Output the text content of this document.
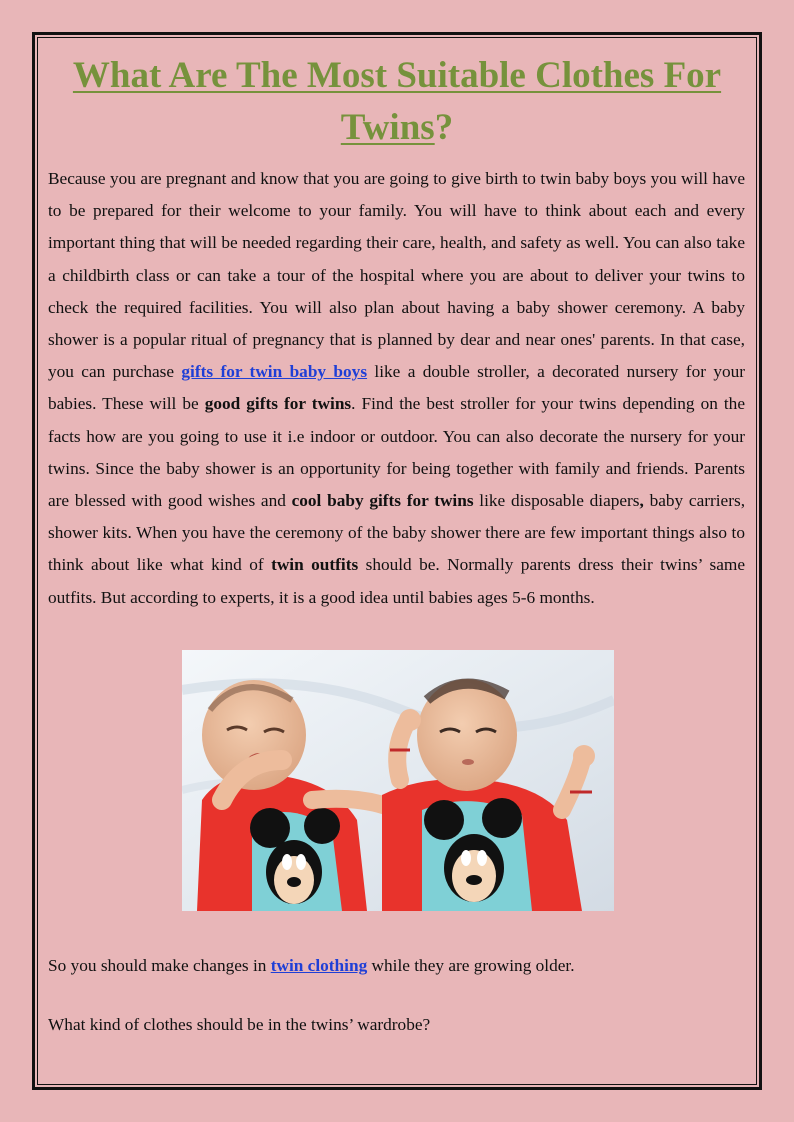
What Are The Most Suitable Clothes For Twins?

Because you are pregnant and know that you are going to give birth to twin baby boys you will have to be prepared for their welcome to your family. You will have to think about each and every important thing that will be needed regarding their care, health, and safety as well. You can also take a childbirth class or can take a tour of the hospital where you are about to deliver your twins to check the required facilities. You will also plan about having a baby shower ceremony. A baby shower is a popular ritual of pregnancy that is planned by dear and near ones' parents. In that case, you can purchase gifts for twin baby boys like a double stroller, a decorated nursery for your babies. These will be good gifts for twins. Find the best stroller for your twins depending on the facts how are you going to use it i.e indoor or outdoor. You can also decorate the nursery for your twins. Since the baby shower is an opportunity for being together with family and friends. Parents are blessed with good wishes and cool baby gifts for twins like disposable diapers, baby carriers, shower kits. When you have the ceremony of the baby shower there are few important things also to think about like what kind of twin outfits should be. Normally parents dress their twins’ same outfits. But according to experts, it is a good idea until babies ages 5-6 months.

So you should make changes in twin clothing while they are growing older.

What kind of clothes should be in the twins’ wardrobe?
